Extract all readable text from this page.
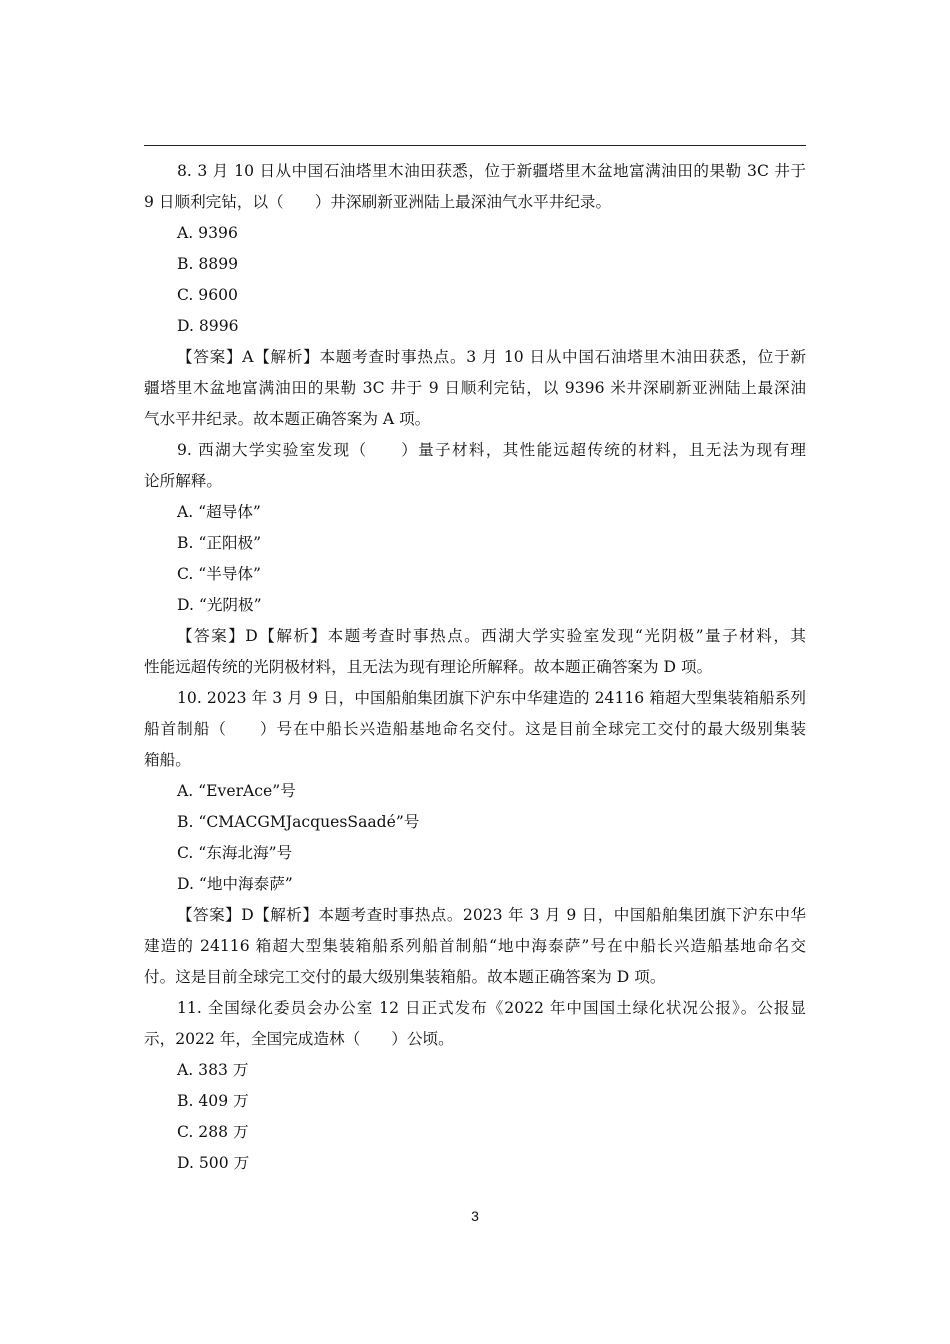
8. 3 月 10 日从中国石油塔里木油田获悉，位于新疆塔里木盆地富满油田的果勒 3C 井于
9 日顺利完钻，以（　　）井深刷新亚洲陆上最深油气水平井纪录。
A. 9396
B. 8899
C. 9600
D. 8996
【答案】A【解析】本题考查时事热点。3 月 10 日从中国石油塔里木油田获悉，位于新
疆塔里木盆地富满油田的果勒 3C 井于 9 日顺利完钻，以 9396 米井深刷新亚洲陆上最深油
气水平井纪录。故本题正确答案为 A 项。
9. 西湖大学实验室发现（　　）量子材料，其性能远超传统的材料，且无法为现有理
论所解释。
A. “超导体”
B. “正阳极”
C. “半导体”
D. “光阴极”
【答案】D【解析】本题考查时事热点。西湖大学实验室发现“光阴极”量子材料，其
性能远超传统的光阴极材料，且无法为现有理论所解释。故本题正确答案为 D 项。
10. 2023 年 3 月 9 日，中国船舶集团旗下沪东中华建造的 24116 箱超大型集装箱船系列
船首制船（　　）号在中船长兴造船基地命名交付。这是目前全球完工交付的最大级别集装
箱船。
A. “EverAce”号
B. “CMACGMJacquesSaadé”号
C. “东海北海”号
D. “地中海泰萨”
【答案】D【解析】本题考查时事热点。2023 年 3 月 9 日，中国船舶集团旗下沪东中华
建造的 24116 箱超大型集装箱船系列船首制船“地中海泰萨”号在中船长兴造船基地命名交
付。这是目前全球完工交付的最大级别集装箱船。故本题正确答案为 D 项。
11. 全国绿化委员会办公室 12 日正式发布《2022 年中国国土绿化状况公报》。公报显
示，2022 年，全国完成造林（　　）公顷。
A. 383 万
B. 409 万
C. 288 万
D. 500 万
3
